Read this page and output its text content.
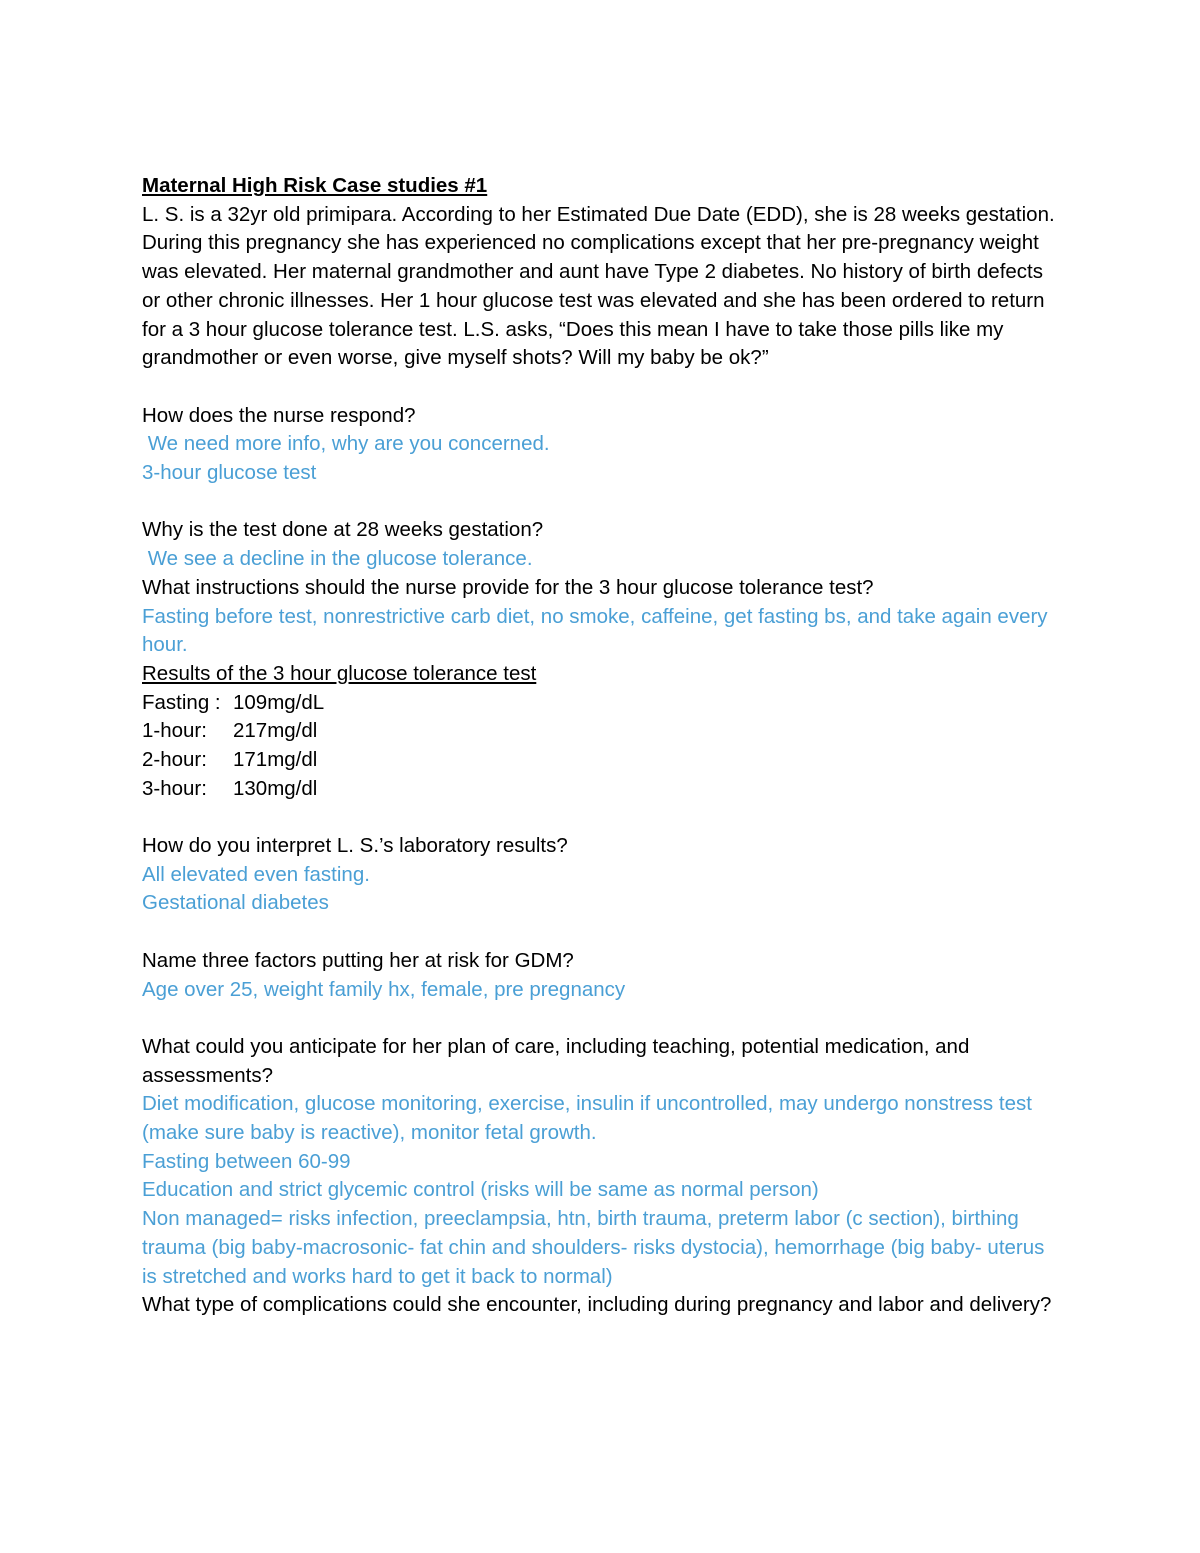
Maternal High Risk Case studies #1

L. S. is a 32yr old primipara. According to her Estimated Due Date (EDD), she is 28 weeks gestation. During this pregnancy she has experienced no complications except that her pre-pregnancy weight was elevated. Her maternal grandmother and aunt have Type 2 diabetes. No history of birth defects or other chronic illnesses. Her 1 hour glucose test was elevated and she has been ordered to return for a 3 hour glucose tolerance test. L.S. asks, “Does this mean I have to take those pills like my grandmother or even worse, give myself shots? Will my baby be ok?”

How does the nurse respond?

We need more info, why are you concerned.

3-hour glucose test

Why is the test done at 28 weeks gestation?

We see a decline in the glucose tolerance.

What instructions should the nurse provide for the 3 hour glucose tolerance test?

Fasting before test, nonrestrictive carb diet, no smoke, caffeine, get fasting bs, and take again every hour.

Results of the 3 hour glucose tolerance test

Fasting : 109mg/dL
1-hour:	217mg/dl
2-hour:	171mg/dl
3-hour:	130mg/dl

How do you interpret L. S.’s laboratory results?

All elevated even fasting.

Gestational diabetes

Name three factors putting her at risk for GDM?

Age over 25, weight family hx, female, pre pregnancy

What could you anticipate for her plan of care, including teaching, potential medication, and assessments?

Diet modification, glucose monitoring, exercise, insulin if uncontrolled, may undergo nonstress test (make sure baby is reactive), monitor fetal growth.

Fasting between 60-99

Education and strict glycemic control (risks will be same as normal person)

Non managed= risks infection, preeclampsia, htn, birth trauma, preterm labor (c section), birthing trauma (big baby-macrosonic- fat chin and shoulders- risks dystocia), hemorrhage (big baby- uterus is stretched and works hard to get it back to normal)

What type of complications could she encounter, including during pregnancy and labor and delivery?
